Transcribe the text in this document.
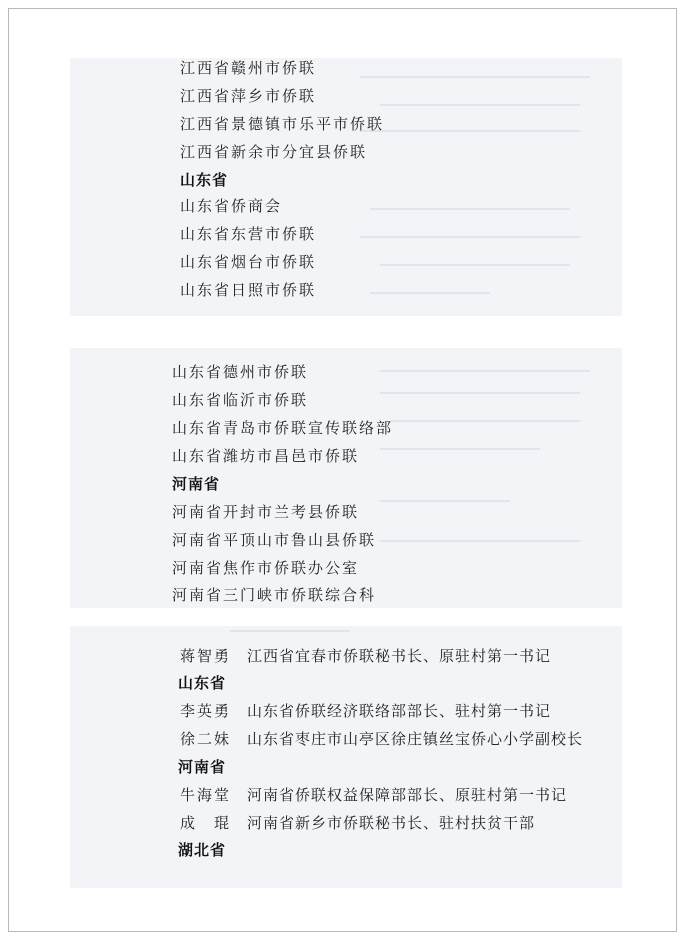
江西省赣州市侨联
江西省萍乡市侨联
江西省景德镇市乐平市侨联
江西省新余市分宜县侨联
山东省
山东省侨商会
山东省东营市侨联
山东省烟台市侨联
山东省日照市侨联
山东省德州市侨联
山东省临沂市侨联
山东省青岛市侨联宣传联络部
山东省潍坊市昌邑市侨联
河南省
河南省开封市兰考县侨联
河南省平顶山市鲁山县侨联
河南省焦作市侨联办公室
河南省三门峡市侨联综合科
蒋智勇 江西省宜春市侨联秘书长、原驻村第一书记
山东省
李英勇 山东省侨联经济联络部部长、驻村第一书记
徐二妹 山东省枣庄市山亭区徐庄镇丝宝侨心小学副校长
河南省
牛海堂 河南省侨联权益保障部部长、原驻村第一书记
成　琨 河南省新乡市侨联秘书长、驻村扶贫干部
湖北省
